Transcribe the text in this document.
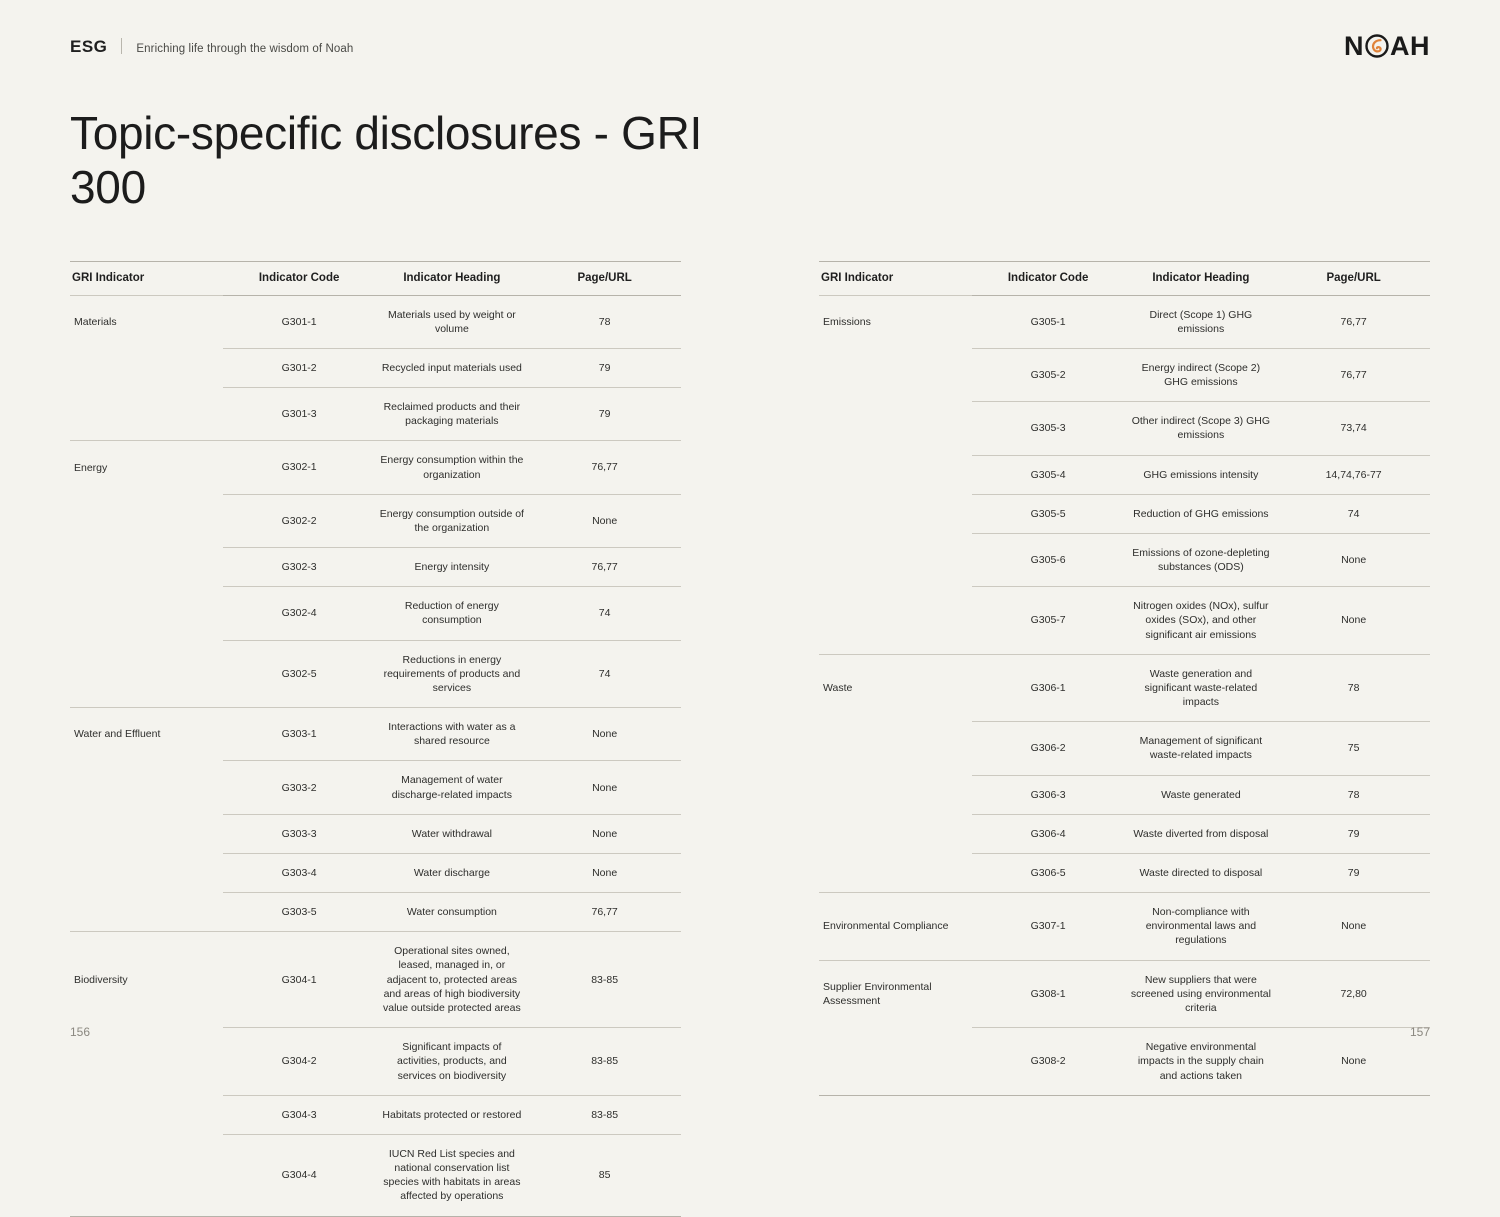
ESG	Enriching life through the wisdom of Noah	N AH
Topic-specific disclosures - GRI 300
GRI Indicator	Indicator Code	Indicator Heading	Page/URL
Materials	G301-1	Materials used by weight or volume	78
	G301-2	Recycled input materials used	79
	G301-3	Reclaimed products and their packaging materials	79
Energy	G302-1	Energy consumption within the organization	76,77
	G302-2	Energy consumption outside of the organization	None
	G302-3	Energy intensity	76,77
	G302-4	Reduction of energy consumption	74
	G302-5	Reductions in energy requirements of products and services	74
Water and Effluent	G303-1	Interactions with water as a shared resource	None
	G303-2	Management of water discharge-related impacts	None
	G303-3	Water withdrawal	None
	G303-4	Water discharge	None
	G303-5	Water consumption	76,77
Biodiversity	G304-1	Operational sites owned, leased, managed in, or adjacent to, protected areas and areas of high biodiversity value outside protected areas	83-85
	G304-2	Significant impacts of activities, products, and services on biodiversity	83-85
	G304-3	Habitats protected or restored	83-85
	G304-4	IUCN Red List species and national conservation list species with habitats in areas affected by operations	85
GRI Indicator	Indicator Code	Indicator Heading	Page/URL
Emissions	G305-1	Direct (Scope 1) GHG emissions	76,77
	G305-2	Energy indirect (Scope 2) GHG emissions	76,77
	G305-3	Other indirect (Scope 3) GHG emissions	73,74
	G305-4	GHG emissions intensity	14,74,76-77
	G305-5	Reduction of GHG emissions	74
	G305-6	Emissions of ozone-depleting substances (ODS)	None
	G305-7	Nitrogen oxides (NOx), sulfur oxides (SOx), and other significant air emissions	None
Waste	G306-1	Waste generation and significant waste-related impacts	78
	G306-2	Management of significant waste-related impacts	75
	G306-3	Waste generated	78
	G306-4	Waste diverted from disposal	79
	G306-5	Waste directed to disposal	79
Environmental Compliance	G307-1	Non-compliance with environmental laws and regulations	None
Supplier Environmental Assessment	G308-1	New suppliers that were screened using environmental criteria	72,80
	G308-2	Negative environmental impacts in the supply chain and actions taken	None
156	157
